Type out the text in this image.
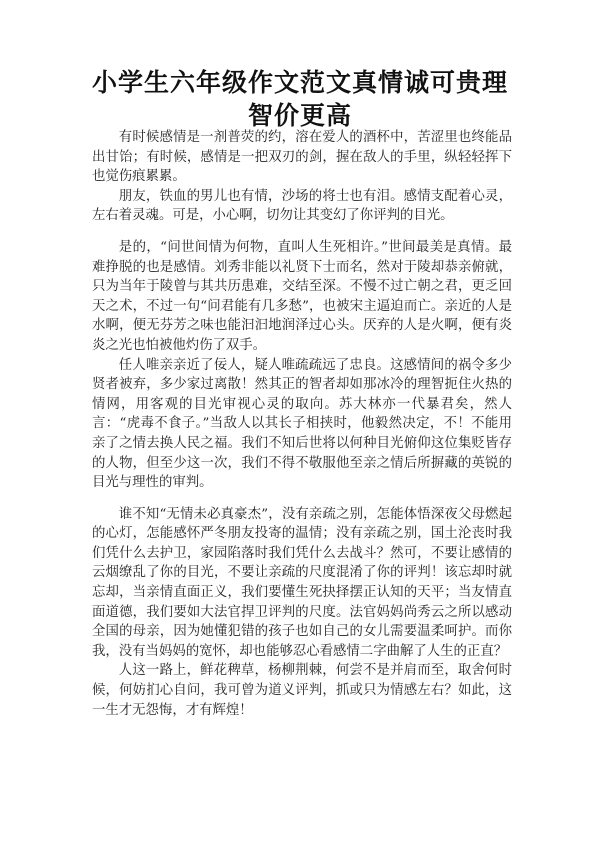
小学生六年级作文范文真情诚可贵理智价更高

有时候感情是一剂普荧的约，溶在爱人的酒杯中，苦涩里也终能品出甘饴；有时候，感情是一把双刃的剑，握在敌人的手里，纵轻轻挥下也觉伤痕累累。

朋友，铁血的男儿也有情，沙场的将士也有泪。感情支配着心灵，左右着灵魂。可是，小心啊，切勿让其变幻了你评判的目光。

是的，“问世间情为何物，直叫人生死相许。”世间最美是真情。最难挣脱的也是感情。刘秀非能以礼贤下士而名，然对于陵却恭亲俯就，只为当年于陵曾与其共历患难，交结至深。不慢不过亡朝之君，更乏回天之术，不过一句“问君能有几多愁”，也被宋主逼迫而亡。亲近的人是水啊，便无芬芳之味也能汩汩地润泽过心头。厌弃的人是火啊，便有炎炎之光也怕被他灼伤了双手。

任人唯亲亲近了佞人，疑人唯疏疏远了忠良。这感情间的祸令多少贤者被弃，多少家过离散！然其正的智者却如那冰冷的理智扼住火热的情网，用客观的目光审视心灵的取向。苏大林亦一代暴君矣，然人言：“虎毒不食子。”当敌人以其长子相挟时，他毅然决定，不！不能用亲了之情去换人民之福。我们不知后世将以何种目光俯仰这位集贬皆存的人物，但至少这一次，我们不得不敬服他至亲之情后所摒藏的英锐的目光与理性的审判。

谁不知“无情未必真豪杰”，没有亲疏之别，怎能体悟深夜父母燃起的心灯，怎能感怀严冬朋友投寄的温情；没有亲疏之别，国土沦丧时我们凭什么去护卫，家园陷落时我们凭什么去战斗？然可，不要让感情的云烟缭乱了你的目光，不要让亲疏的尺度混淆了你的评判！该忘却时就忘却，当亲情直面正义，我们要懂生死抉择摆正认知的天平；当友情直面道德，我们要如大法官捍卫评判的尺度。法官妈妈尚秀云之所以感动全国的母亲，因为她懂犯错的孩子也如自己的女儿需要温柔呵护。而你我，没有当妈妈的宽怀，却也能够忍心看感情二字曲解了人生的正直？

人这一路上，鲜花稗草，杨柳荆棘，何尝不是并肩而至，取舍何时候，何妨扪心自问，我可曾为道义评判，抓或只为情感左右？如此，这一生才无怨悔，才有辉煌！
